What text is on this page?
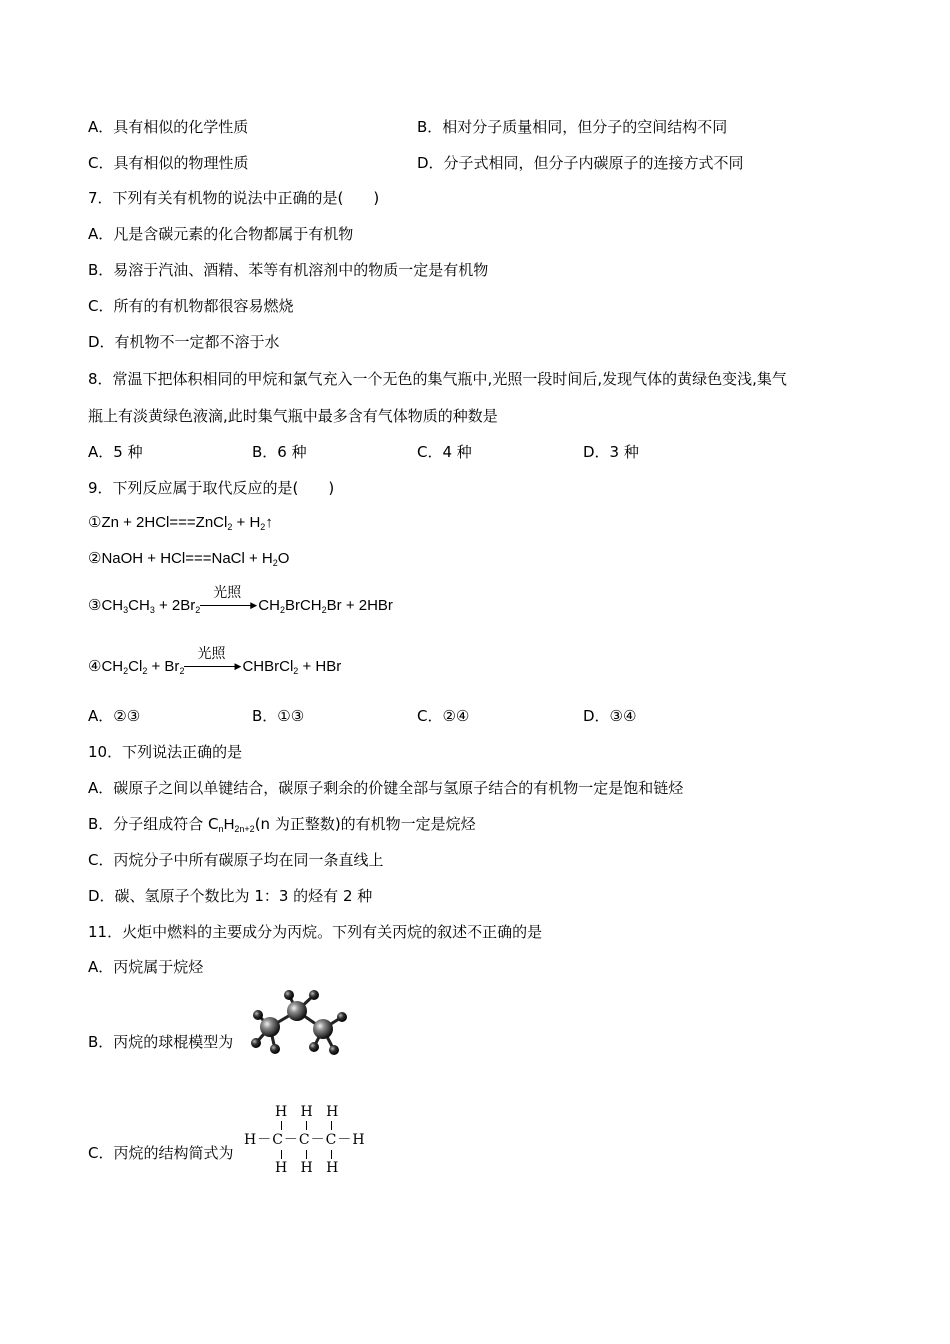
A．具有相似的化学性质	B．相对分子质量相同，但分子的空间结构不同
C．具有相似的物理性质	D．分子式相同，但分子内碳原子的连接方式不同
7．下列有关有机物的说法中正确的是(　　)
A．凡是含碳元素的化合物都属于有机物
B．易溶于汽油、酒精、苯等有机溶剂中的物质一定是有机物
C．所有的有机物都很容易燃烧
D．有机物不一定都不溶于水
8．常温下把体积相同的甲烷和氯气充入一个无色的集气瓶中,光照一段时间后,发现气体的黄绿色变浅,集气
瓶上有淡黄绿色液滴,此时集气瓶中最多含有气体物质的种数是
A．5 种	B．6 种	C．4 种	D．3 种
9．下列反应属于取代反应的是(　　)
①Zn + 2HCl===ZnCl$_2$ + $H_2↑$
②NaOH + HCl===NaCl + $H_2O$
$③CH_3CH_3 + 2Br_2$
光照
▶ $CH_2BrCH_2Br + 2HBr$
$④CH_2Cl_2 + Br_2$
光照
▶ CHBrCl$_2$ + HBr
A．②③	B．①③	C．②④	D．③④
10．下列说法正确的是
A．碳原子之间以单键结合，碳原子剩余的价键全部与氢原子结合的有机物一定是饱和链烃
B．分子组成符合 $C_nH_{2n+2}(n$ 为正整数)的有机物一定是烷烃
C．丙烷分子中所有碳原子均在同一条直线上
D．碳、氢原子个数比为 1：3 的烃有 2 种
11．火炬中燃料的主要成分为丙烷。下列有关丙烷的叙述不正确的是
A．丙烷属于烷烃
B．丙烷的球棍模型为
C．丙烷的结构简式为
H   H   H
H－C－C－C－H
H   H   H
